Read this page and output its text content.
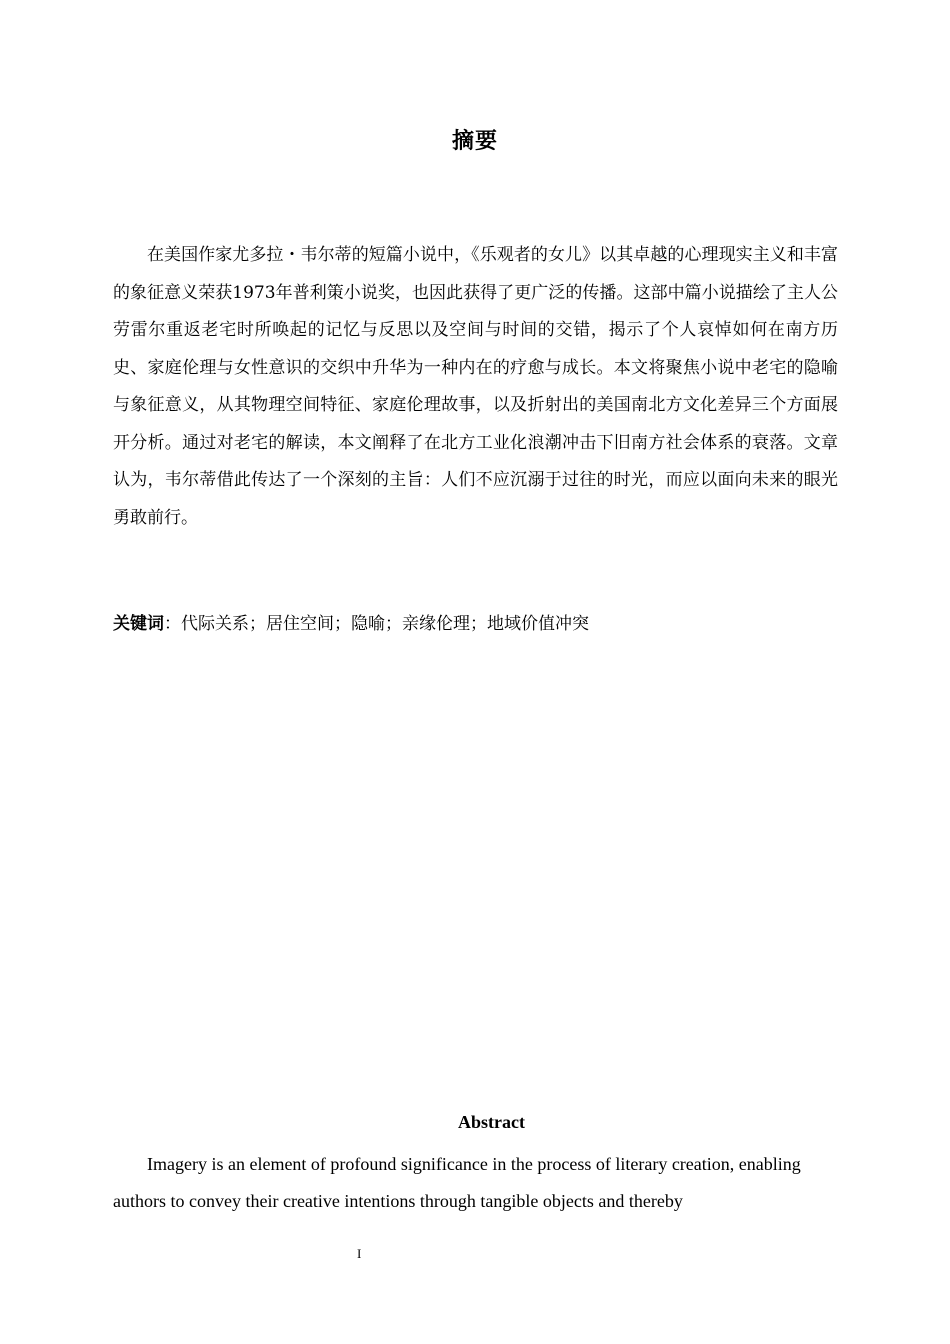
摘要

在美国作家尤多拉・韦尔蒂的短篇小说中，《乐观者的女儿》以其卓越的心理现实主义和丰富的象征意义荣获1973年普利策小说奖，也因此获得了更广泛的传播。这部中篇小说描绘了主人公劳雷尔重返老宅时所唤起的记忆与反思以及空间与时间的交错，揭示了个人哀悼如何在南方历史、家庭伦理与女性意识的交织中升华为一种内在的疗愈与成长。本文将聚焦小说中老宅的隐喻与象征意义，从其物理空间特征、家庭伦理故事，以及折射出的美国南北方文化差异三个方面展开分析。通过对老宅的解读，本文阐释了在北方工业化浪潮冲击下旧南方社会体系的衰落。文章认为，韦尔蒂借此传达了一个深刻的主旨：人们不应沉溺于过往的时光，而应以面向未来的眼光勇敢前行。

关键词：代际关系；居住空间；隐喻；亲缘伦理；地域价值冲突

Abstract

Imagery is an element of profound significance in the process of literary creation, enabling authors to convey their creative intentions through tangible objects and thereby

I
